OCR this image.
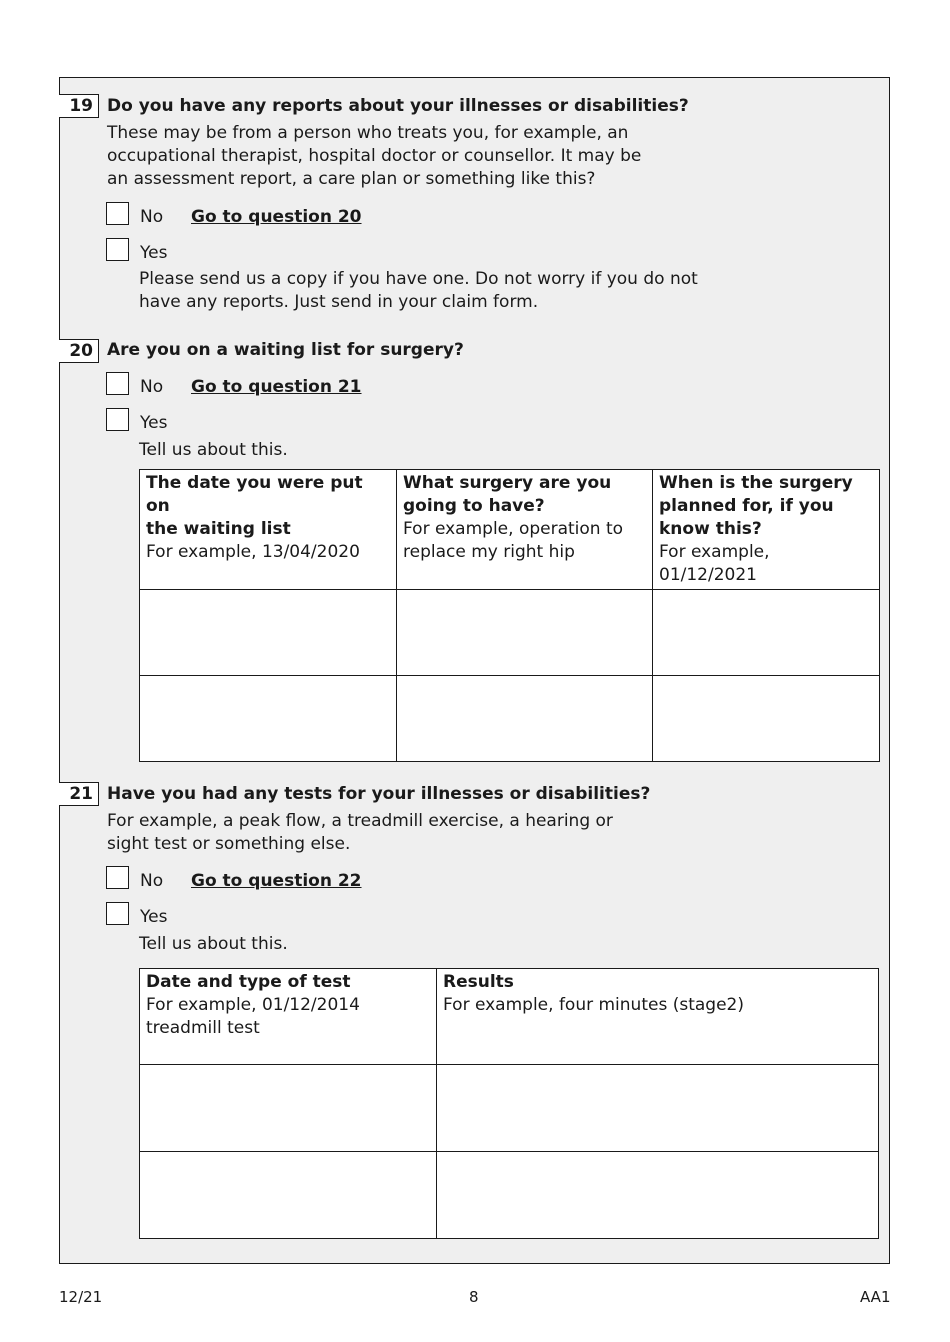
19 Do you have any reports about your illnesses or disabilities?
These may be from a person who treats you, for example, an
occupational therapist, hospital doctor or counsellor. It may be
an assessment report, a care plan or something like this?
No Go to question 20
Yes
Please send us a copy if you have one. Do not worry if you do not
have any reports. Just send in your claim form.
20 Are you on a waiting list for surgery?
No Go to question 21
Yes
Tell us about this.
The date you were put on
the waiting list
For example, 13/04/2020	What surgery are you
going to have?
For example, operation to
replace my right hip	When is the surgery
planned for, if you
know this?
For example,
01/12/2021

21 Have you had any tests for your illnesses or disabilities?
For example, a peak flow, a treadmill exercise, a hearing or
sight test or something else.
No Go to question 22
Yes
Tell us about this.
Date and type of test
For example, 01/12/2014
treadmill test	Results
For example, four minutes (stage2)

12/21	8	AA1
